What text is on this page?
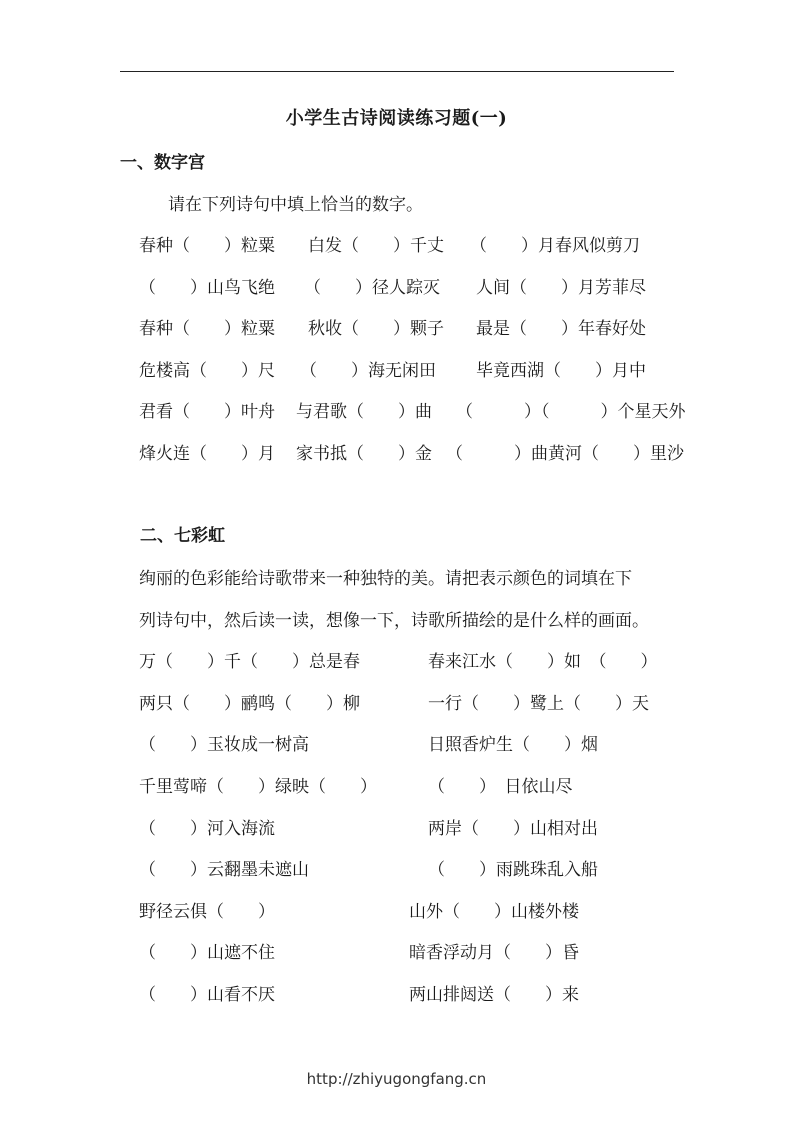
小学生古诗阅读练习题(一)
一、数字宫
请在下列诗句中填上恰当的数字。
春种（　　）粒粟 白发（　　）千丈 （　　）月春风似剪刀
（　　）山鸟飞绝 （　　）径人踪灭 人间（　　）月芳菲尽
春种（　　）粒粟 秋收（　　）颗子 最是（　　）年春好处
危楼高（　　）尺 （　　）海无闲田 毕竟西湖（　　）月中
君看（　　）叶舟 与君歌（　　）曲 （　　　）（　　　）个星天外
烽火连（　　）月 家书抵（　　）金 （　　　）曲黄河（　　）里沙
二、七彩虹
绚丽的色彩能给诗歌带来一种独特的美。请把表示颜色的词填在下
列诗句中，然后读一读，想像一下，诗歌所描绘的是什么样的画面。
万（　　）千（　　）总是春	春来江水（　　）如　（　　）
两只（　　）鹂鸣（　　）柳	一行（　　）鹭上（　　）天
（　　）玉妆成一树高	日照香炉生（　　）烟
千里莺啼（　　）绿映（　　）	（　　）　日依山尽
（　　）河入海流	两岸（　　）山相对出
（　　）云翻墨未遮山	（　　）雨跳珠乱入船
野径云俱（　　）	山外（　　）山楼外楼
（　　）山遮不住	暗香浮动月（　　）昏
（　　）山看不厌	两山排闼送（　　）来
http://zhiyugongfang.cn
